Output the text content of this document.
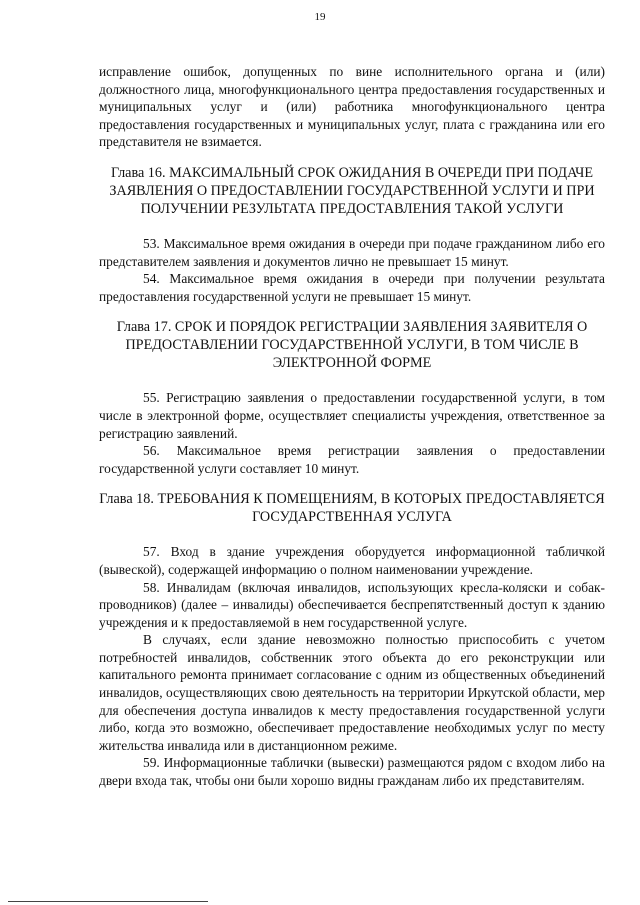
19

исправление ошибок, допущенных по вине исполнительного органа и (или) должностного лица, многофункционального центра предоставления государственных и муниципальных услуг и (или) работника многофункционального центра предоставления государственных и муниципальных услуг, плата с гражданина или его представителя не взимается.

Глава 16. МАКСИМАЛЬНЫЙ СРОК ОЖИДАНИЯ В ОЧЕРЕДИ ПРИ ПОДАЧЕ ЗАЯВЛЕНИЯ О ПРЕДОСТАВЛЕНИИ ГОСУДАРСТВЕННОЙ УСЛУГИ И ПРИ ПОЛУЧЕНИИ РЕЗУЛЬТАТА ПРЕДОСТАВЛЕНИЯ ТАКОЙ УСЛУГИ

53. Максимальное время ожидания в очереди при подаче гражданином либо его представителем заявления и документов лично не превышает 15 минут.

54. Максимальное время ожидания в очереди при получении результата предоставления государственной услуги не превышает 15 минут.

Глава 17. СРОК И ПОРЯДОК РЕГИСТРАЦИИ ЗАЯВЛЕНИЯ ЗАЯВИТЕЛЯ О ПРЕДОСТАВЛЕНИИ ГОСУДАРСТВЕННОЙ УСЛУГИ, В ТОМ ЧИСЛЕ В ЭЛЕКТРОННОЙ ФОРМЕ

55. Регистрацию заявления о предоставлении государственной услуги, в том числе в электронной форме, осуществляет специалисты учреждения, ответственное за регистрацию заявлений.

56. Максимальное время регистрации заявления о предоставлении государственной услуги составляет 10 минут.

Глава 18. ТРЕБОВАНИЯ К ПОМЕЩЕНИЯМ, В КОТОРЫХ ПРЕДОСТАВЛЯЕТСЯ ГОСУДАРСТВЕННАЯ УСЛУГА

57. Вход в здание учреждения оборудуется информационной табличкой (вывеской), содержащей информацию о полном наименовании учреждение.

58. Инвалидам (включая инвалидов, использующих кресла-коляски и собак-проводников) (далее – инвалиды) обеспечивается беспрепятственный доступ к зданию учреждения и к предоставляемой в нем государственной услуге.

В случаях, если здание невозможно полностью приспособить с учетом потребностей инвалидов, собственник этого объекта до его реконструкции или капитального ремонта принимает согласование с одним из общественных объединений инвалидов, осуществляющих свою деятельность на территории Иркутской области, мер для обеспечения доступа инвалидов к месту предоставления государственной услуги либо, когда это возможно, обеспечивает предоставление необходимых услуг по месту жительства инвалида или в дистанционном режиме.

59. Информационные таблички (вывески) размещаются рядом с входом либо на двери входа так, чтобы они были хорошо видны гражданам либо их представителям.
